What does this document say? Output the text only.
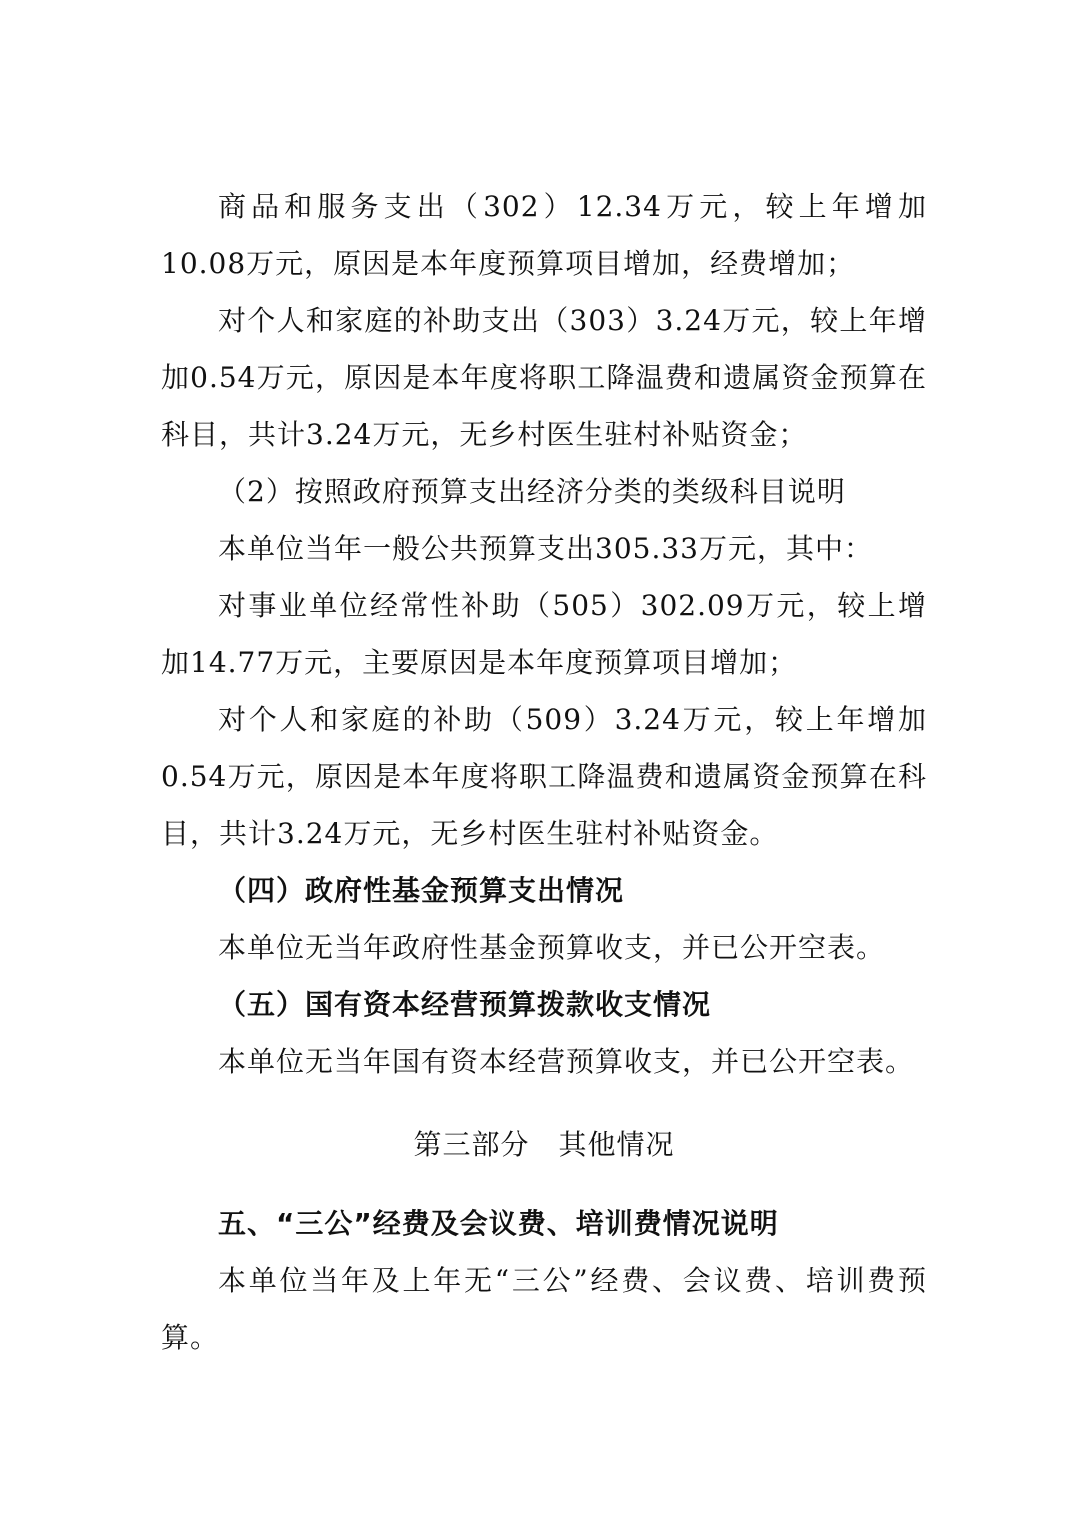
商品和服务支出（302）12.34万元，较上年增加10.08万元，原因是本年度预算项目增加，经费增加；

对个人和家庭的补助支出（303）3.24万元，较上年增加0.54万元，原因是本年度将职工降温费和遗属资金预算在科目，共计3.24万元，无乡村医生驻村补贴资金；

（2）按照政府预算支出经济分类的类级科目说明

本单位当年一般公共预算支出305.33万元，其中：

对事业单位经常性补助（505）302.09万元，较上增加14.77万元，主要原因是本年度预算项目增加；

对个人和家庭的补助（509）3.24万元，较上年增加0.54万元，原因是本年度将职工降温费和遗属资金预算在科目，共计3.24万元，无乡村医生驻村补贴资金。

（四）政府性基金预算支出情况

本单位无当年政府性基金预算收支，并已公开空表。

（五）国有资本经营预算拨款收支情况

本单位无当年国有资本经营预算收支，并已公开空表。

第三部分　其他情况

五、“三公”经费及会议费、培训费情况说明

本单位当年及上年无“三公”经费、会议费、培训费预算。
